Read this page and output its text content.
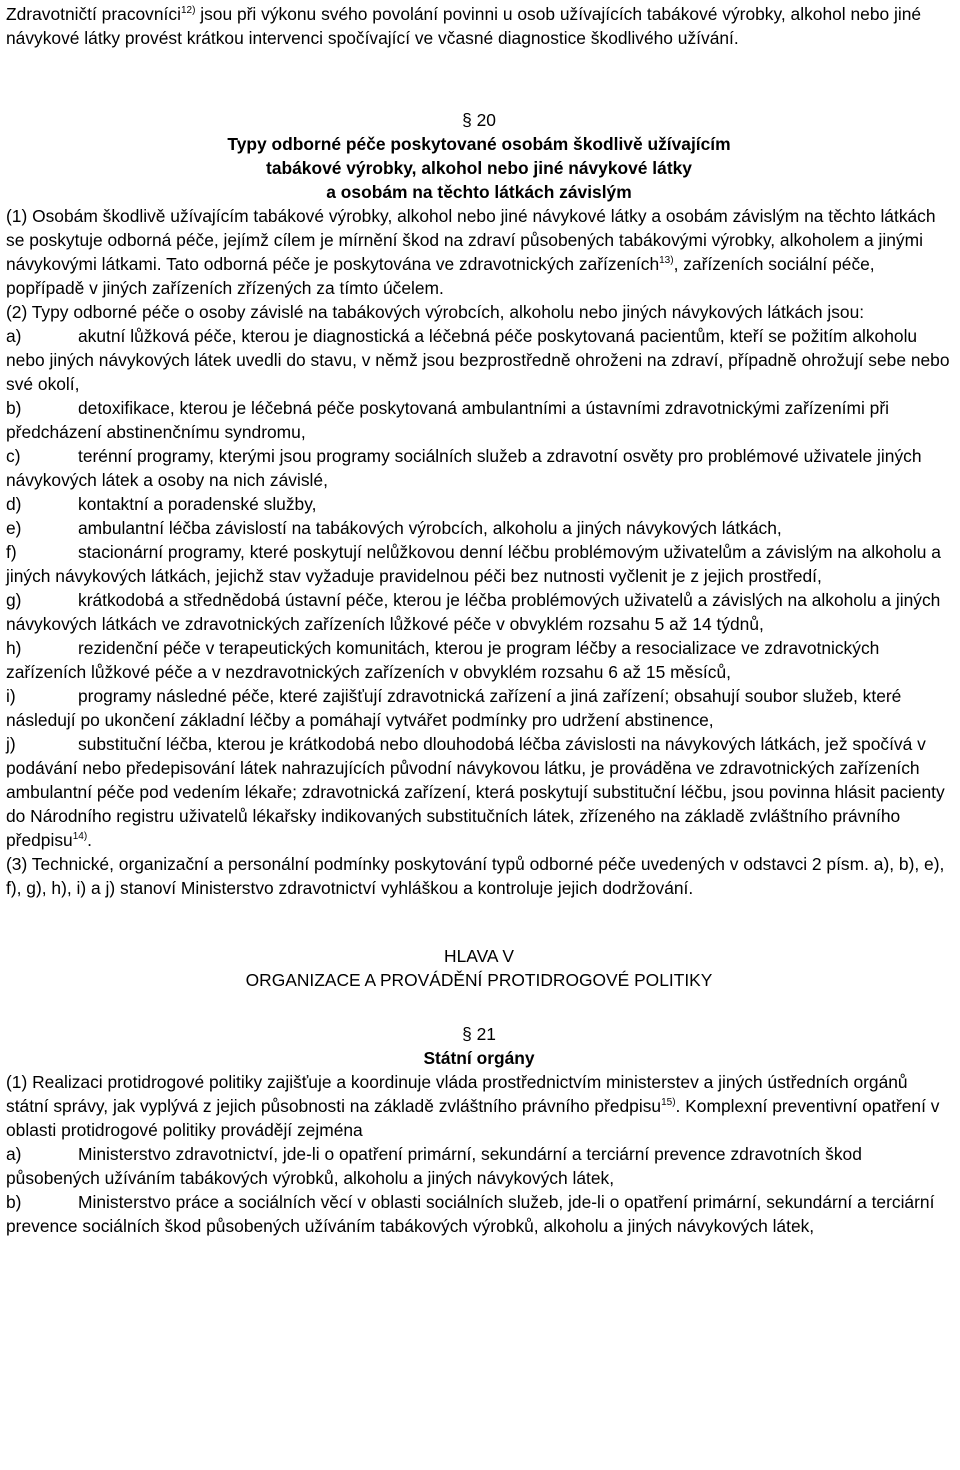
Zdravotničtí pracovníci$^{12)}$ jsou při výkonu svého povolání povinni u osob užívajících tabákové výrobky, alkohol nebo jiné návykové látky provést krátkou intervenci spočívající ve včasné diagnostice škodlivého užívání.

§ 20

Typy odborné péče poskytované osobám škodlivě užívajícím

tabákové výrobky, alkohol nebo jiné návykové látky

a osobám na těchto látkách závislým

(1) Osobám škodlivě užívajícím tabákové výrobky, alkohol nebo jiné návykové látky a osobám závislým na těchto látkách se poskytuje odborná péče, jejímž cílem je mírnění škod na zdraví působených tabákovými výrobky, alkoholem a jinými návykovými látkami. Tato odborná péče je poskytována ve zdravotnických zařízeních$^{13)}$, zařízeních sociální péče, popřípadě v jiných zařízeních zřízených za tímto účelem.

(2) Typy odborné péče o osoby závislé na tabákových výrobcích, alkoholu nebo jiných návykových látkách jsou:

a)	akutní lůžková péče, kterou je diagnostická a léčebná péče poskytovaná pacientům, kteří se požitím alkoholu nebo jiných návykových látek uvedli do stavu, v němž jsou bezprostředně ohroženi na zdraví, případně ohrožují sebe nebo své okolí,

b)	detoxifikace, kterou je léčebná péče poskytovaná ambulantními a ústavními zdravotnickými zařízeními při předcházení abstinenčnímu syndromu,

c)	terénní programy, kterými jsou programy sociálních služeb a zdravotní osvěty pro problémové uživatele jiných návykových látek a osoby na nich závislé,

d)	kontaktní a poradenské služby,

e)	ambulantní léčba závislostí na tabákových výrobcích, alkoholu a jiných návykových látkách,

f)	stacionární programy, které poskytují nelůžkovou denní léčbu problémovým uživatelům a závislým na alkoholu a jiných návykových látkách, jejichž stav vyžaduje pravidelnou péči bez nutnosti vyčlenit je z jejich prostředí,

g)	krátkodobá a střednědobá ústavní péče, kterou je léčba problémových uživatelů a závislých na alkoholu a jiných návykových látkách ve zdravotnických zařízeních lůžkové péče v obvyklém rozsahu 5 až 14 týdnů,

h)	rezidenční péče v terapeutických komunitách, kterou je program léčby a resocializace ve zdravotnických zařízeních lůžkové péče a v nezdravotnických zařízeních v obvyklém rozsahu 6 až 15 měsíců,

i)	programy následné péče, které zajišťují zdravotnická zařízení a jiná zařízení; obsahují soubor služeb, které následují po ukončení základní léčby a pomáhají vytvářet podmínky pro udržení abstinence,

j)	substituční léčba, kterou je krátkodobá nebo dlouhodobá léčba závislosti na návykových látkách, jež spočívá v podávání nebo předepisování látek nahrazujících původní návykovou látku, je prováděna ve zdravotnických zařízeních ambulantní péče pod vedením lékaře; zdravotnická zařízení, která poskytují substituční léčbu, jsou povinna hlásit pacienty do Národního registru uživatelů lékařsky indikovaných substitučních látek, zřízeného na základě zvláštního právního předpisu$^{14)}$.

(3) Technické, organizační a personální podmínky poskytování typů odborné péče uvedených v odstavci 2 písm. a), b), e), f), g), h), i) a j) stanoví Ministerstvo zdravotnictví vyhláškou a kontroluje jejich dodržování.

HLAVA V

ORGANIZACE A PROVÁDĚNÍ PROTIDROGOVÉ POLITIKY

§ 21

Státní orgány

(1) Realizaci protidrogové politiky zajišťuje a koordinuje vláda prostřednictvím ministerstev a jiných ústředních orgánů státní správy, jak vyplývá z jejich působnosti na základě zvláštního právního předpisu$^{15)}$. Komplexní preventivní opatření v oblasti protidrogové politiky provádějí zejména

a)	Ministerstvo zdravotnictví, jde-li o opatření primární, sekundární a terciární prevence zdravotních škod působených užíváním tabákových výrobků, alkoholu a jiných návykových látek,

b)	Ministerstvo práce a sociálních věcí v oblasti sociálních služeb, jde-li o opatření primární, sekundární a terciární prevence sociálních škod působených užíváním tabákových výrobků, alkoholu a jiných návykových látek,
